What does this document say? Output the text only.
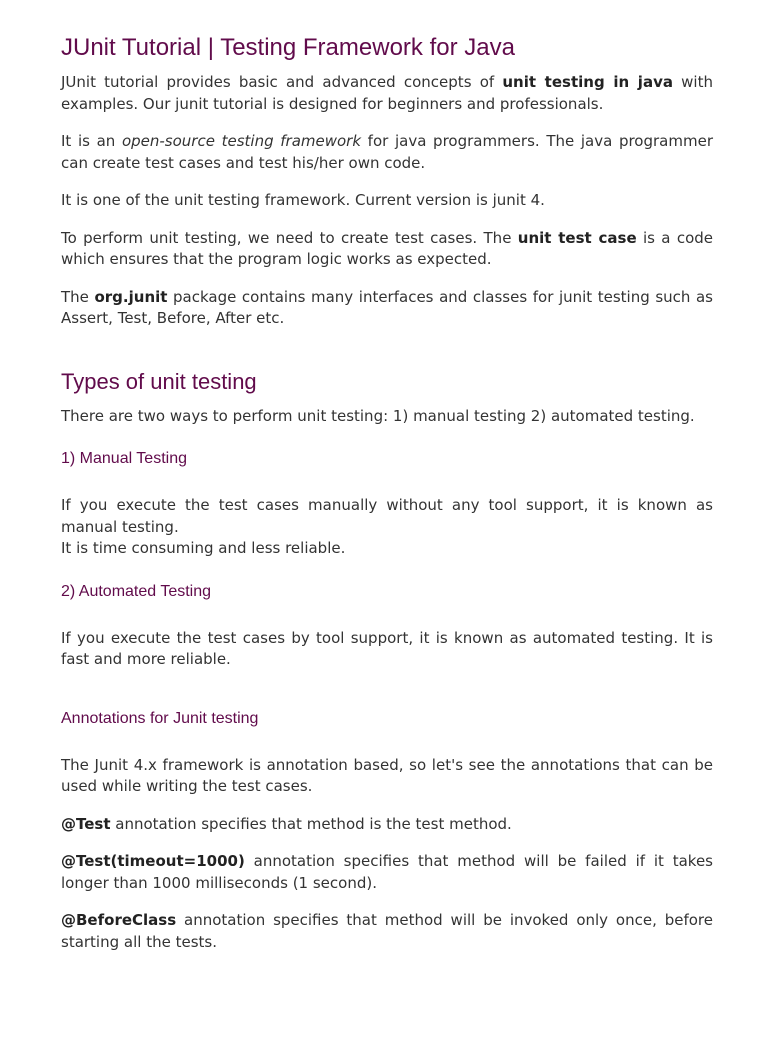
JUnit Tutorial | Testing Framework for Java

JUnit tutorial provides basic and advanced concepts of unit testing in java with examples. Our junit tutorial is designed for beginners and professionals.

It is an open-source testing framework for java programmers. The java programmer can create test cases and test his/her own code.

It is one of the unit testing framework. Current version is junit 4.

To perform unit testing, we need to create test cases. The unit test case is a code which ensures that the program logic works as expected.

The org.junit package contains many interfaces and classes for junit testing such as Assert, Test, Before, After etc.

Types of unit testing

There are two ways to perform unit testing: 1) manual testing 2) automated testing.

1) Manual Testing

If you execute the test cases manually without any tool support, it is known as manual testing.
It is time consuming and less reliable.

2) Automated Testing

If you execute the test cases by tool support, it is known as automated testing. It is fast and more reliable.

Annotations for Junit testing

The Junit 4.x framework is annotation based, so let's see the annotations that can be used while writing the test cases.

@Test annotation specifies that method is the test method.

@Test(timeout=1000) annotation specifies that method will be failed if it takes longer than 1000 milliseconds (1 second).

@BeforeClass annotation specifies that method will be invoked only once, before starting all the tests.
